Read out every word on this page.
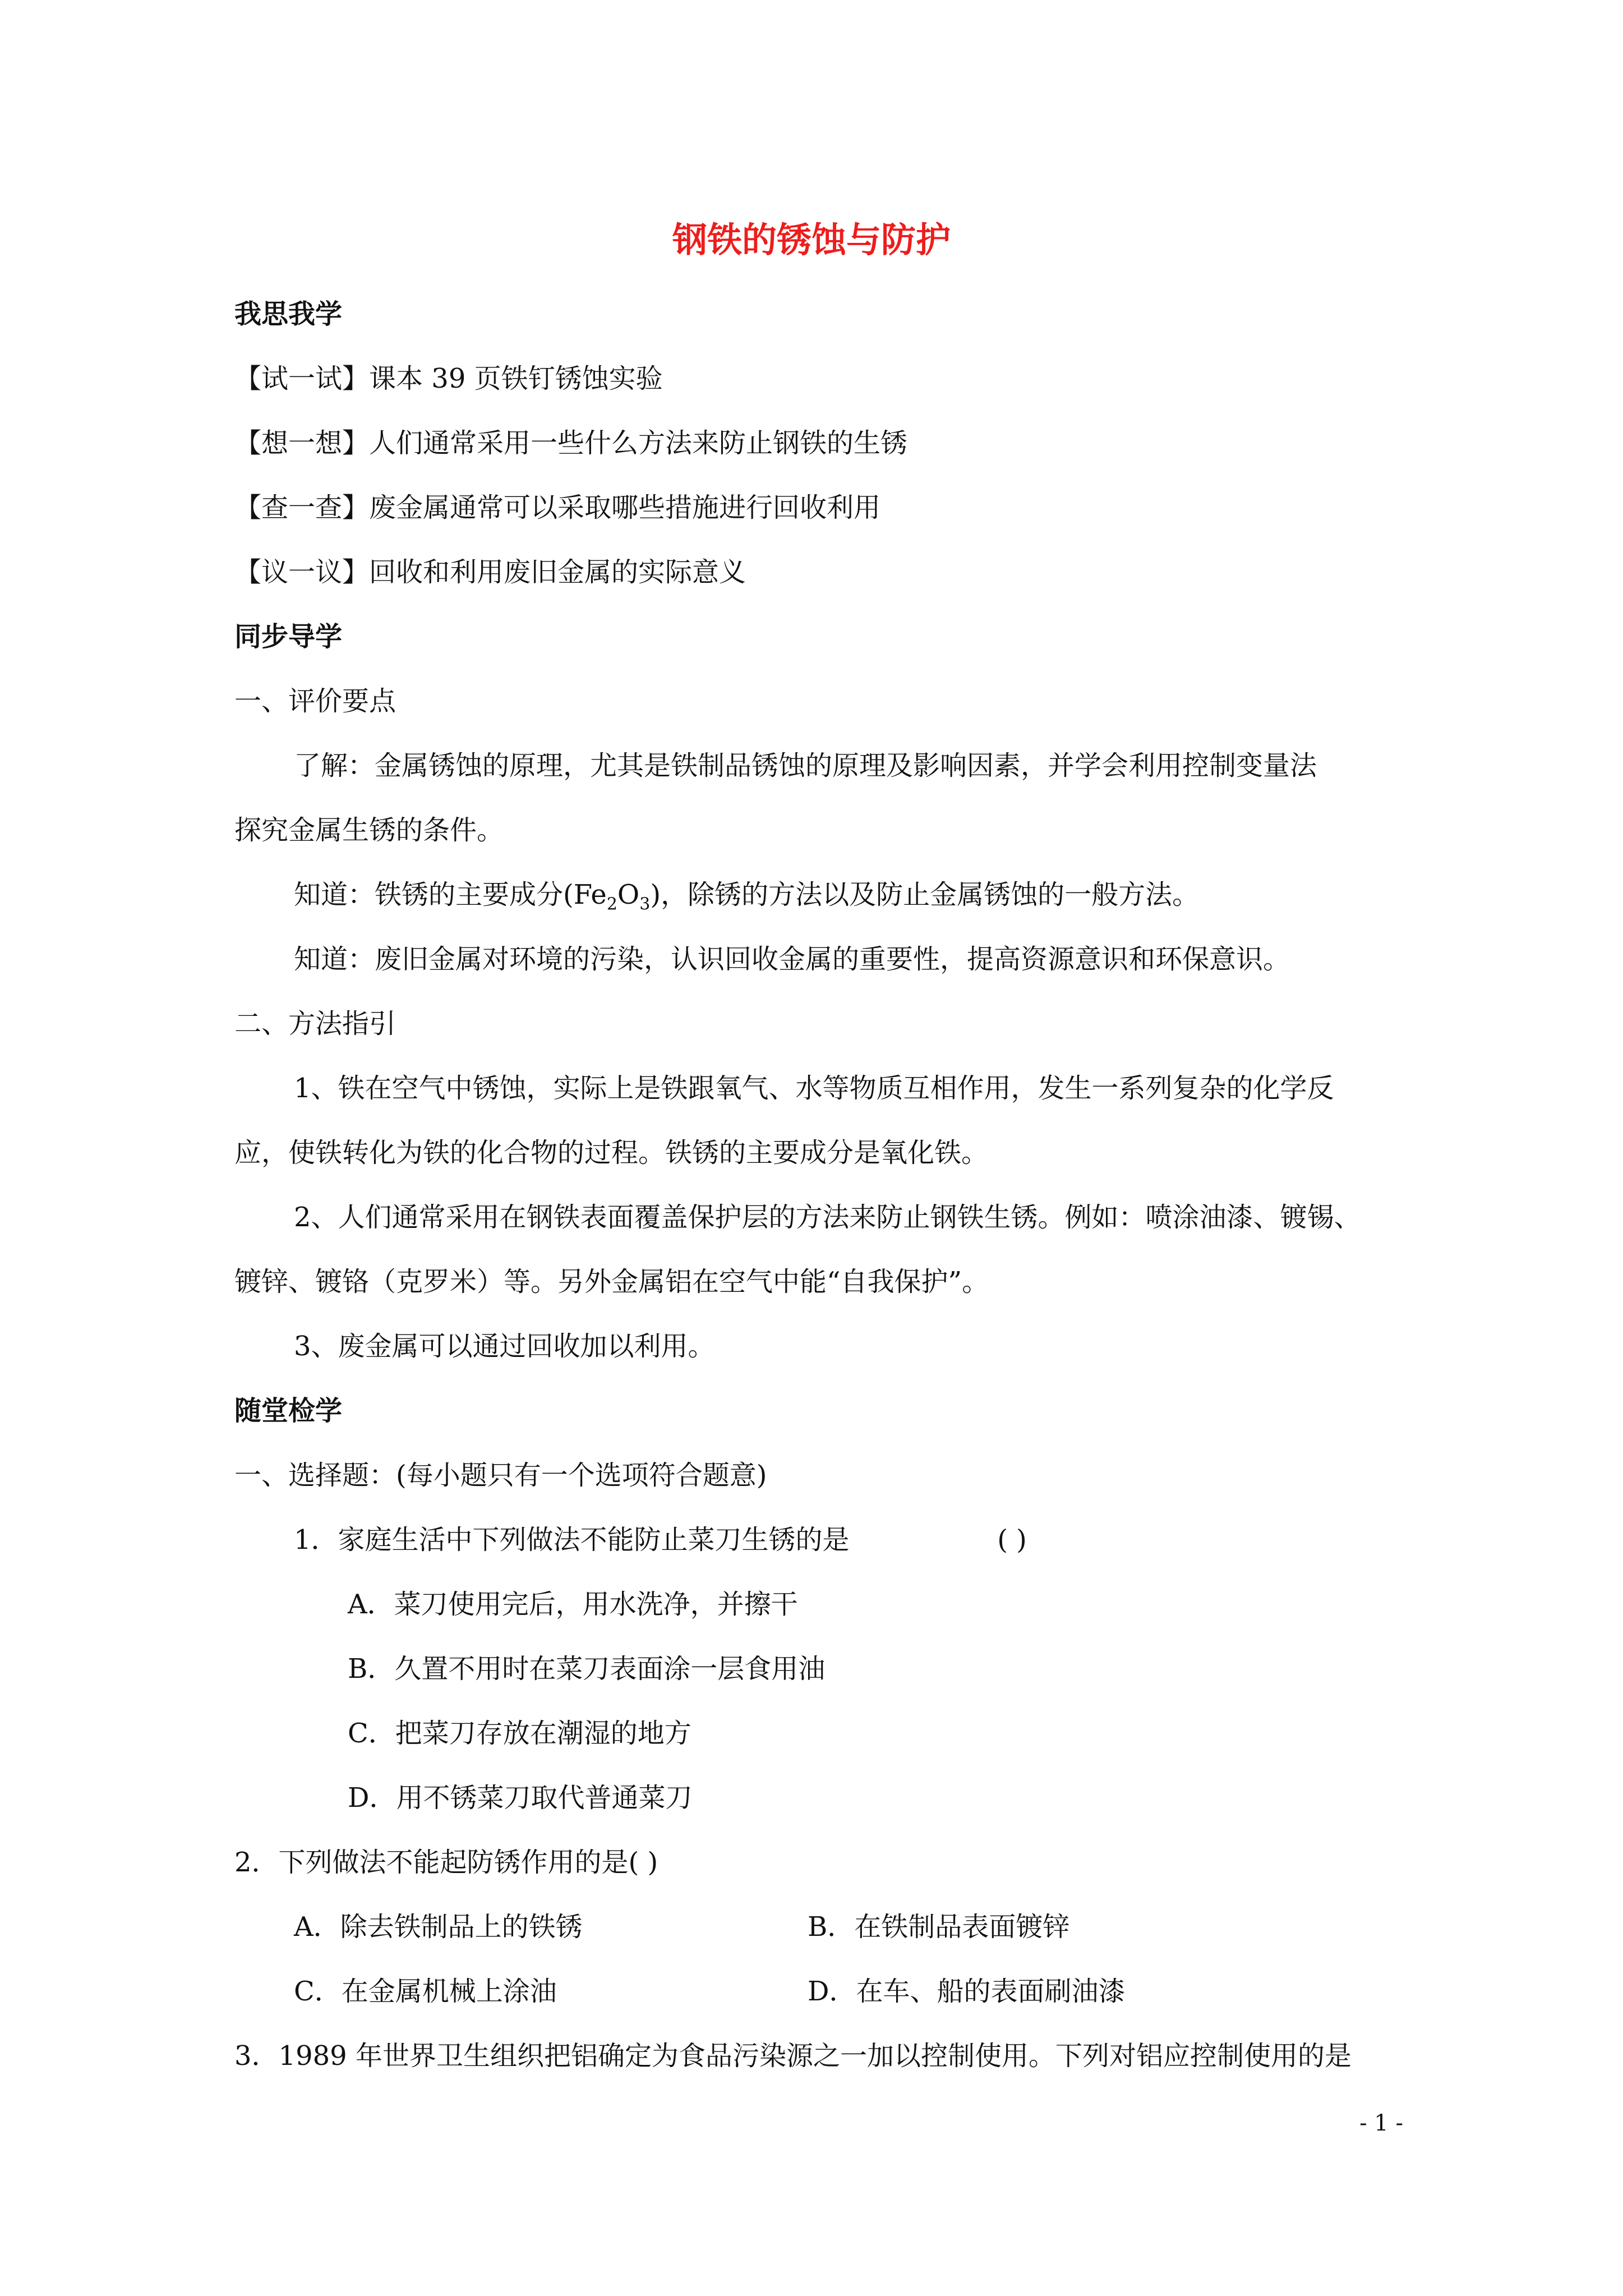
钢铁的锈蚀与防护
我思我学
【试一试】课本 39 页铁钉锈蚀实验
【想一想】人们通常采用一些什么方法来防止钢铁的生锈
【查一查】废金属通常可以采取哪些措施进行回收利用
【议一议】回收和利用废旧金属的实际意义
同步导学
一、评价要点
了解：金属锈蚀的原理，尤其是铁制品锈蚀的原理及影响因素，并学会利用控制变量法
探究金属生锈的条件。
知道：铁锈的主要成分$(Fe_2O_3)$，除锈的方法以及防止金属锈蚀的一般方法。
知道：废旧金属对环境的污染，认识回收金属的重要性，提高资源意识和环保意识。
二、方法指引
1、铁在空气中锈蚀，实际上是铁跟氧气、水等物质互相作用，发生一系列复杂的化学反
应，使铁转化为铁的化合物的过程。铁锈的主要成分是氧化铁。
2、人们通常采用在钢铁表面覆盖保护层的方法来防止钢铁生锈。例如：喷涂油漆、镀锡、
镀锌、镀铬（克罗米）等。另外金属铝在空气中能“自我保护”。
3、废金属可以通过回收加以利用。
随堂检学
一、选择题：(每小题只有一个选项符合题意)
1．家庭生活中下列做法不能防止菜刀生锈的是	( )
A．菜刀使用完后，用水洗净，并擦干
B．久置不用时在菜刀表面涂一层食用油
C．把菜刀存放在潮湿的地方
D．用不锈菜刀取代普通菜刀
2．下列做法不能起防锈作用的是( )
A．除去铁制品上的铁锈	B．在铁制品表面镀锌
C．在金属机械上涂油	D．在车、船的表面刷油漆
3．1989 年世界卫生组织把铝确定为食品污染源之一加以控制使用。下列对铝应控制使用的是
- 1 -
